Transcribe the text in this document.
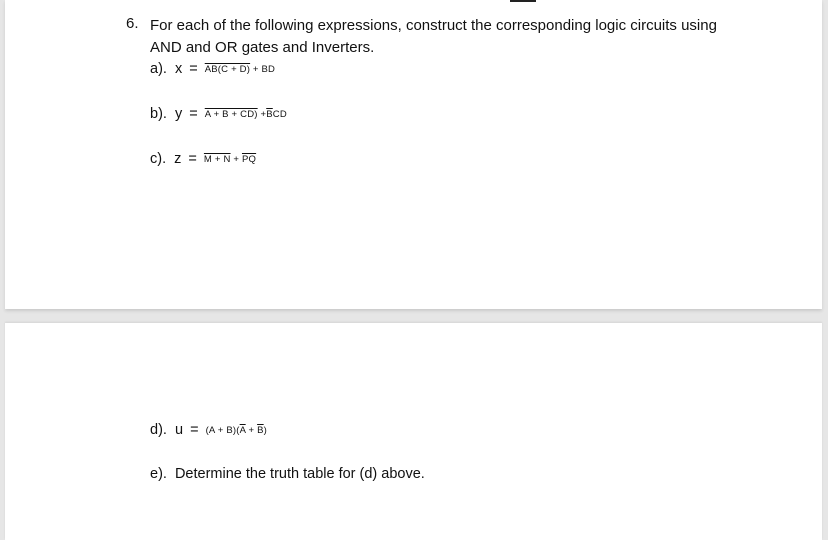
6. For each of the following expressions, construct the corresponding logic circuits using AND and OR gates and Inverters.
a). x = AB(C + D) + BD
b). $y = A + B + CD) +\overline{B}CD$
c). $z = M + N + \overline{PQ}$
d). $u = (A + B)(\overline{A} + \overline{B})$
e). Determine the truth table for (d) above.
